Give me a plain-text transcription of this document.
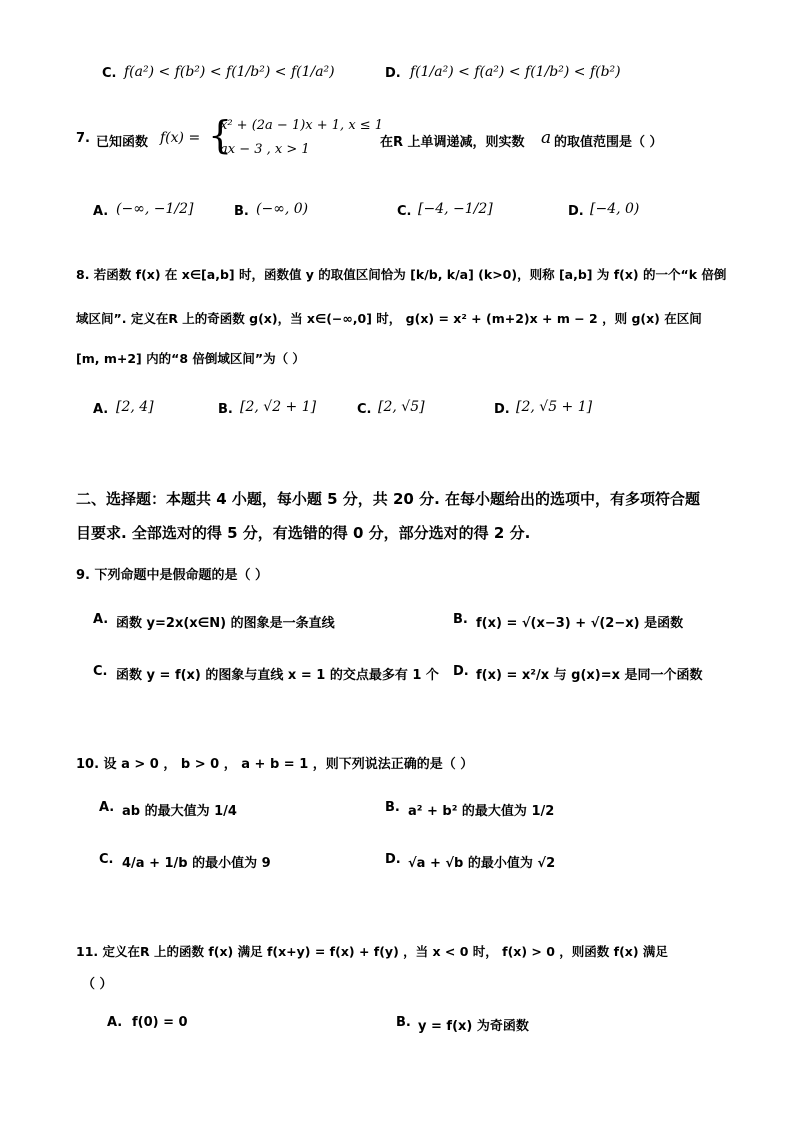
C. f(a²) < f(b²) < f(1/b²) < f(1/a²)	D. f(1/a²) < f(a²) < f(1/b²) < f(b²)
7. 已知函数 f(x) = {
x² + (2a − 1)x + 1, x ≤ 1
ax − 3 , x > 1	在R 上单调递减，则实数 a 的取值范围是（ ）
A. (−∞, −1/2]	B. (−∞, 0)	C. [−4, −1/2]	D. [−4, 0)
8. 若函数 f(x) 在 x∈[a,b] 时，函数值 y 的取值区间恰为 [k/b, k/a] (k>0)，则称 [a,b] 为 f(x) 的一个“k 倍倒
域区间”. 定义在R 上的奇函数 g(x)，当 x∈(−∞,0] 时， g(x) = x² + (m+2)x + m − 2 ，则 g(x) 在区间
[m, m+2] 内的“8 倍倒域区间”为（ ）
A. [2, 4]	B. [2, √2 + 1]	C. [2, √5]	D. [2, √5 + 1]
二、选择题：本题共 4 小题，每小题 5 分，共 20 分. 在每小题给出的选项中，有多项符合题
目要求. 全部选对的得 5 分，有选错的得 0 分，部分选对的得 2 分.
9. 下列命题中是假命题的是（ ）
A. 函数 y=2x(x∈N) 的图象是一条直线	B. f(x) = √(x−3) + √(2−x) 是函数
C. 函数 y = f(x) 的图象与直线 x = 1 的交点最多有 1 个 D. f(x) = x²/x 与 g(x)=x 是同一个函数
10. 设 a > 0 ， b > 0 ， a + b = 1 ，则下列说法正确的是（ ）
A. ab 的最大值为 1/4	B. a² + b² 的最大值为 1/2
C. 4/a + 1/b 的最小值为 9	D. √a + √b 的最小值为 √2
11. 定义在R 上的函数 f(x) 满足 f(x+y) = f(x) + f(y) ，当 x < 0 时， f(x) > 0 ，则函数 f(x) 满足
（ ）
A. f(0) = 0	B. y = f(x) 为奇函数
